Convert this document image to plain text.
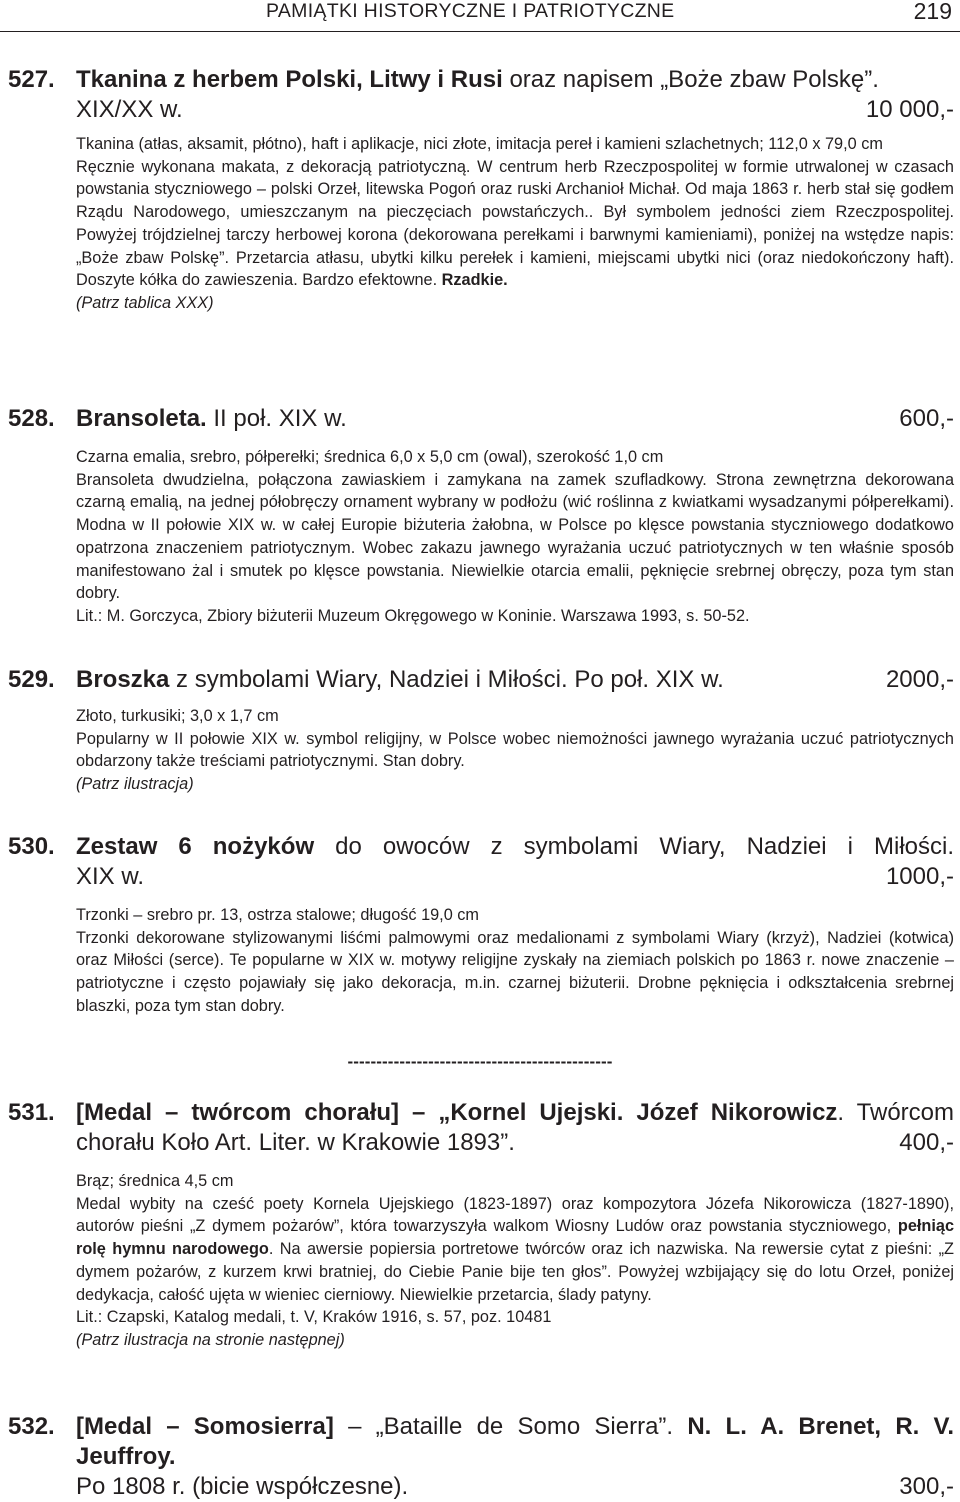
PAMIĄTKI HISTORYCZNE I PATRIOTYCZNE	219
527. Tkanina z herbem Polski, Litwy i Rusi oraz napisem „Boże zbaw Polskę”.
XIX/XX w.	10 000,-

Tkanina (atłas, aksamit, płótno), haft i aplikacje, nici złote, imitacja pereł i kamieni szlachetnych; 112,0 x 79,0 cm

Ręcznie wykonana makata, z dekoracją patriotyczną. W centrum herb Rzeczpospolitej w formie utrwalonej w czasach powstania styczniowego – polski Orzeł, litewska Pogoń oraz ruski Archanioł Michał. Od maja 1863 r. herb stał się godłem Rządu Narodowego, umieszczanym na pieczęciach powstańczych.. Był symbolem jedności ziem Rzeczpospolitej. Powyżej trójdzielnej tarczy herbowej korona (dekorowana perełkami i barwnymi kamieniami), poniżej na wstędze napis: „Boże zbaw Polskę”. Przetarcia atłasu, ubytki kilku perełek i kamieni, miejscami ubytki nici (oraz niedokończony haft). Doszyte kółka do zawieszenia. Bardzo efektowne. Rzadkie.

(Patrz tablica XXX)

528. Bransoleta. II poł. XIX w.	600,-

Czarna emalia, srebro, półperełki; średnica 6,0 x 5,0 cm (owal), szerokość 1,0 cm

Bransoleta dwudzielna, połączona zawiaskiem i zamykana na zamek szufladkowy. Strona zewnętrzna dekorowana czarną emalią, na jednej półobręczy ornament wybrany w podłożu (wić roślinna z kwiatkami wysadzanymi półperełkami). Modna w II połowie XIX w. w całej Europie biżuteria żałobna, w Polsce po klęsce powstania styczniowego dodatkowo opatrzona znaczeniem patriotycznym. Wobec zakazu jawnego wyrażania uczuć patriotycznych w ten właśnie sposób manifestowano żal i smutek po klęsce powstania. Niewielkie otarcia emalii, pęknięcie srebrnej obręczy, poza tym stan dobry.

Lit.: M. Gorczyca, Zbiory biżuterii Muzeum Okręgowego w Koninie. Warszawa 1993, s. 50-52.

529. Broszka z symbolami Wiary, Nadziei i Miłości. Po poł. XIX w.	2000,-

Złoto, turkusiki; 3,0 x 1,7 cm

Popularny w II połowie XIX w. symbol religijny, w Polsce wobec niemożności jawnego wyrażania uczuć patriotycznych obdarzony także treściami patriotycznymi. Stan dobry.

(Patrz ilustracja)

530. Zestaw 6 nożyków do owoców z symbolami Wiary, Nadziei i Miłości.
XIX w.	1000,-

Trzonki – srebro pr. 13, ostrza stalowe; długość 19,0 cm

Trzonki dekorowane stylizowanymi liśćmi palmowymi oraz medalionami z symbolami Wiary (krzyż), Nadziei (kotwica) oraz Miłości (serce). Te popularne w XIX w. motywy religijne zyskały na ziemiach polskich po 1863 r. nowe znaczenie – patriotyczne i często pojawiały się jako dekoracja, m.in. czarnej biżuterii. Drobne pęknięcia i odkształcenia srebrnej blaszki, poza tym stan dobry.

----------------------------------------------
531. [Medal – twórcom chorału] – „Kornel Ujejski. Józef Nikorowicz. Twórcom
chorału Koło Art. Liter. w Krakowie 1893”.	400,-

Brąz; średnica 4,5 cm

Medal wybity na cześć poety Kornela Ujejskiego (1823-1897) oraz kompozytora Józefa Nikorowicza (1827-1890), autorów pieśni „Z dymem pożarów”, która towarzyszyła walkom Wiosny Ludów oraz powstania styczniowego, pełniąc rolę hymnu narodowego. Na awersie popiersia portretowe twórców oraz ich nazwiska. Na rewersie cytat z pieśni: „Z dymem pożarów, z kurzem krwi bratniej, do Ciebie Panie bije ten głos”. Powyżej wzbijający się do lotu Orzeł, poniżej dedykacja, całość ujęta w wieniec cierniowy. Niewielkie przetarcia, ślady patyny.

Lit.: Czapski, Katalog medali, t. V, Kraków 1916, s. 57, poz. 10481

(Patrz ilustracja na stronie następnej)

532. [Medal – Somosierra] – „Bataille de Somo Sierra”. N. L. A. Brenet, R. V. Jeuffroy.
Po 1808 r. (bicie współczesne).	300,-
